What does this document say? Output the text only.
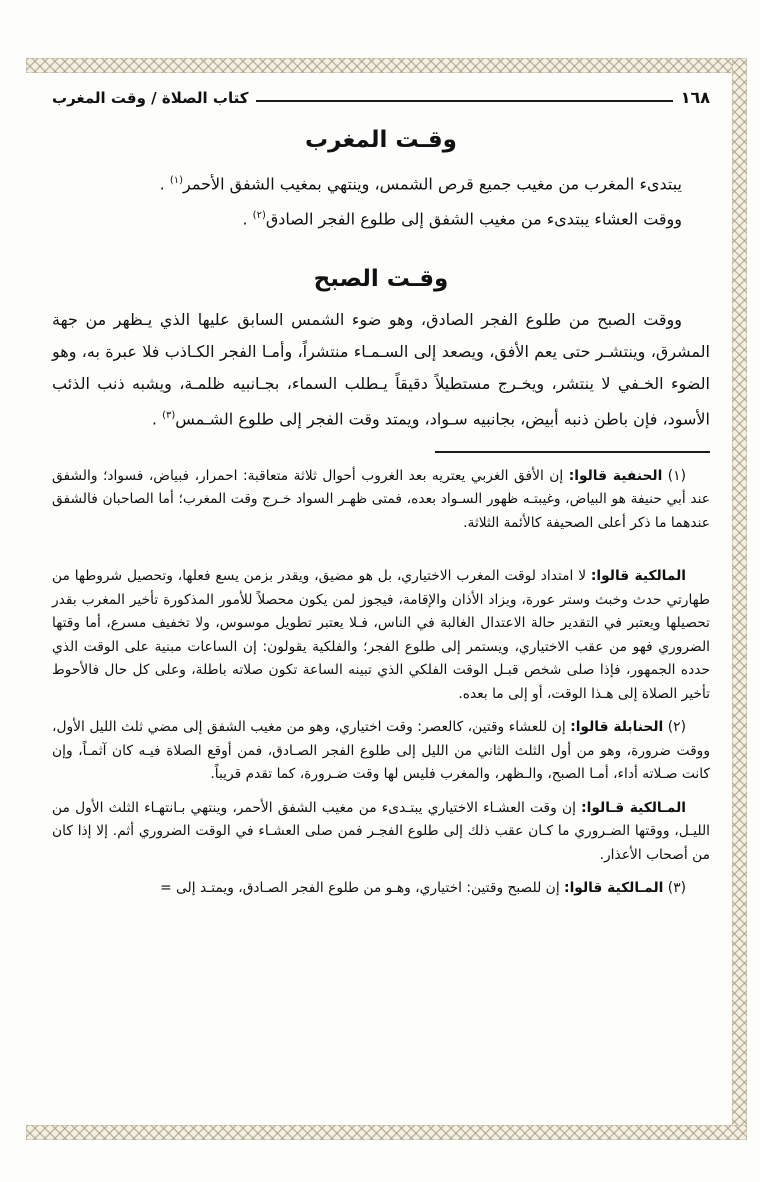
١٦٨
كتاب الصلاة / وقت المغرب
وقـت المغرب

يبتدىء المغرب من مغيب جميع قرص الشمس، وينتهي بمغيب الشفق الأحمر$^{(١)}$ .

ووقت العشاء يبتدىء من مغيب الشفق إلى طلوع الفجر الصادق$^{(٢)}$ .

وقـت الصبح

ووقت الصبح من طلوع الفجر الصادق، وهو ضوء الشمس السابق عليها الذي يـظهر من جهة المشرق، وينتشـر حتى يعم الأفق، ويصعد إلى السـمـاء منتشراً، وأمـا الفجر الكـاذب فلا عبرة به، وهو الضوء الخـفي لا ينتشر، ويخـرج مستطيلاً دقيقاً يـطلب السماء، بجـانبيه ظلمـة، ويشبه ذنب الذئب الأسود، فإن باطن ذنبه أبيض، بجانبيه سـواد، ويمتد وقت الفجر إلى طلوع الشـمس$^{(٣)}$ .

(١) الحنفية قالوا: إن الأفق الغربي يعتريه بعد الغروب أحوال ثلاثة متعاقبة: احمرار، فبياض، فسواد؛ والشفق عند أبي حنيفة هو البياض، وغيبتـه ظهور السـواد بعده، فمتى ظهـر السواد خـرج وقت المغرب؛ أما الصاحبان فالشفق عندهما ما ذكر أعلى الصحيفة كالأئمة الثلاثة.

المالكية قالوا: لا امتداد لوقت المغرب الاختياري، بل هو مضيق، ويقدر بزمن يسع فعلها، وتحصيل شروطها من طهارتي حدث وخبث وستر عورة، ويزاد الأذان والإقامة، فيجوز لمن يكون محصلاً للأمور المذكورة تأخير المغرب بقدر تحصيلها ويعتبر في التقدير حالة الاعتدال الغالبة في الناس، فـلا يعتبر تطويل موسوس، ولا تخفيف مسرع، أما وقتها الضروري فهو من عقب الاختياري، ويستمر إلى طلوع الفجر؛ والفلكية يقولون: إن الساعات مبنية على الوقت الذي حدده الجمهور، فإذا صلى شخص قبـل الوقت الفلكي الذي تبينه الساعة تكون صلاته باطلة، وعلى كل حال فالأحوط تأخير الصلاة إلى هـذا الوقت، أو إلى ما بعده.

(٢) الحنابلة قالوا: إن للعشاء وقتين، كالعصر: وقت اختياري، وهو من مغيب الشفق إلى مضي ثلث الليل الأول، ووقت ضرورة، وهو من أول الثلث الثاني من الليل إلى طلوع الفجر الصـادق، فمن أوقع الصلاة فيـه كان آثمـاً، وإن كانت صـلاته أداء، أمـا الصبح، والـظهر، والمغرب فليس لها وقت ضـرورة، كما تقدم قريباً.

المـالكية قـالوا: إن وقت العشـاء الاختياري يبتـدىء من مغيب الشفق الأحمر، وينتهي بـانتهـاء الثلث الأول من الليـل، ووقتها الضـروري ما كـان عقب ذلك إلى طلوع الفجـر فمن صلى العشـاء في الوقت الضروري أثم. إلا إذا كان من أصحاب الأعذار.

(٣) المـالكية قالوا: إن للصبح وقتين: اختياري، وهـو من طلوع الفجر الصـادق، ويمتـد إلى =
